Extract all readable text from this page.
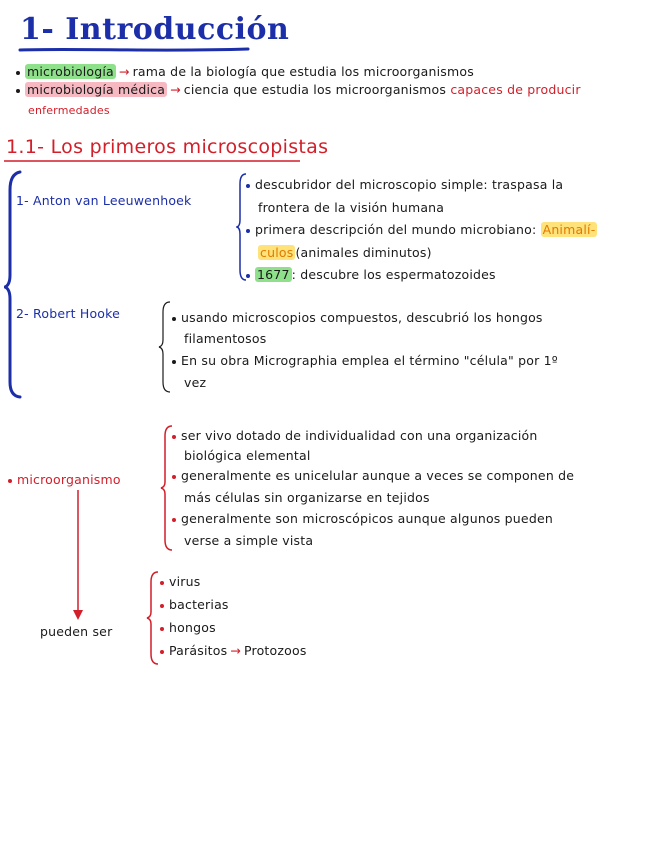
1- Introducción
microbiología → rama de la biología que estudia los microorganismos
microbiología médica → ciencia que estudia los microorganismos capaces de producir
enfermedades
1.1- Los primeros microscopistas
1- Anton van Leeuwenhoek
descubridor del microscopio simple: traspasa la
frontera de la visión humana
primera descripción del mundo microbiano: Animalí-
culos (animales diminutos)
1677 : descubre los espermatozoides
2- Robert Hooke	usando microscopios compuestos, descubrió los hongos
filamentosos
En su obra Micrographia emplea el término "célula" por 1º
vez
microorganismo
ser vivo dotado de individualidad con una organización
biológica elemental
generalmente es unicelular aunque a veces se componen de
más células sin organizarse en tejidos
generalmente son microscópicos aunque algunos pueden
verse a simple vista
pueden ser
virus
bacterias
hongos
Parásitos → Protozoos
